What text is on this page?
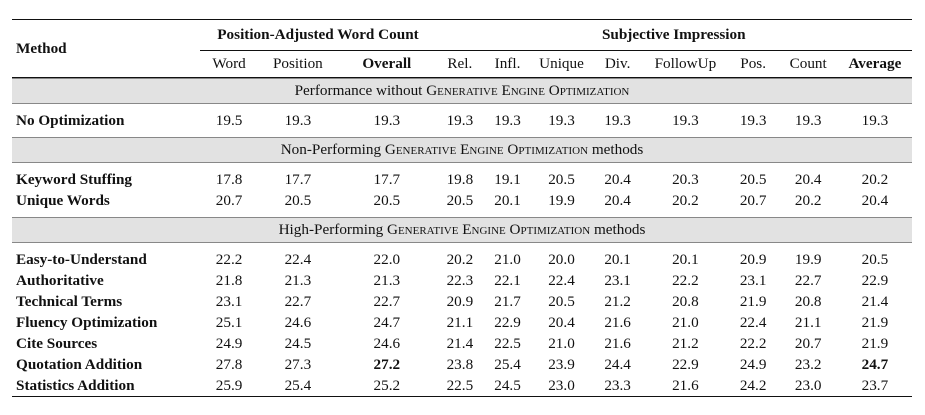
Method	Position-Adjusted Word Count			Subjective Impression							
	Word	Position	Overall	Rel.	Infl.	Unique	Div.	FollowUp	Pos.	Count	Average

Performance without Generative Engine Optimization											

No Optimization	19.5	19.3	19.3	19.3	19.3	19.3	19.3	19.3	19.3	19.3	19.3

Non-Performing Generative Engine Optimization methods											

Keyword Stuffing	17.8	17.7	17.7	19.8	19.1	20.5	20.4	20.3	20.5	20.4	20.2
Unique Words	20.7	20.5	20.5	20.5	20.1	19.9	20.4	20.2	20.7	20.2	20.4

High-Performing Generative Engine Optimization methods											

Easy-to-Understand	22.2	22.4	22.0	20.2	21.0	20.0	20.1	20.1	20.9	19.9	20.5
Authoritative	21.8	21.3	21.3	22.3	22.1	22.4	23.1	22.2	23.1	22.7	22.9
Technical Terms	23.1	22.7	22.7	20.9	21.7	20.5	21.2	20.8	21.9	20.8	21.4
Fluency Optimization	25.1	24.6	24.7	21.1	22.9	20.4	21.6	21.0	22.4	21.1	21.9
Cite Sources	24.9	24.5	24.6	21.4	22.5	21.0	21.6	21.2	22.2	20.7	21.9
Quotation Addition	27.8	27.3	27.2	23.8	25.4	23.9	24.4	22.9	24.9	23.2	24.7
Statistics Addition	25.9	25.4	25.2	22.5	24.5	23.0	23.3	21.6	24.2	23.0	23.7
